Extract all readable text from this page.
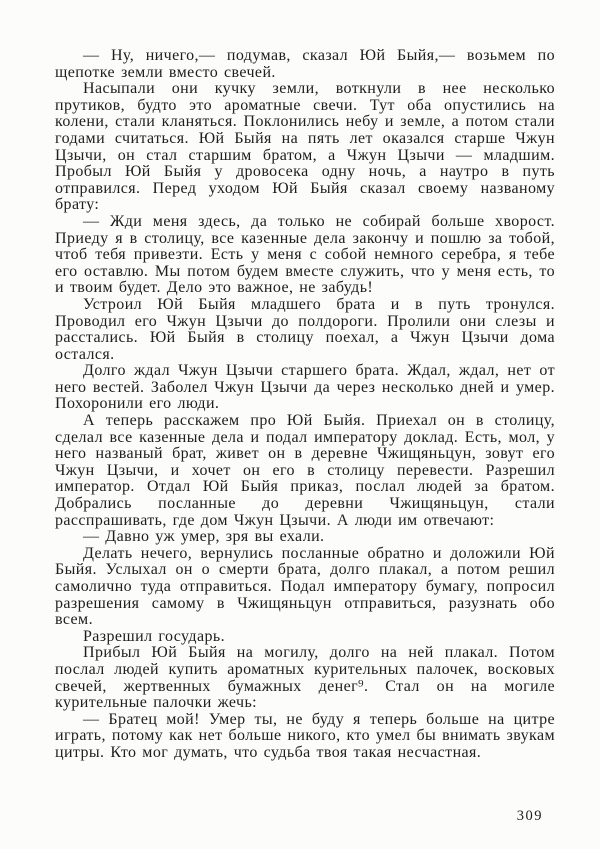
— Ну, ничего,— подумав, сказал Юй Быйя,— возьмем по щепотке земли вместо свечей.

Насыпали они кучку земли, воткнули в нее несколько прутиков, будто это ароматные свечи. Тут оба опустились на колени, стали кланяться. Поклонились небу и земле, а потом стали годами считаться. Юй Быйя на пять лет оказался старше Чжун Цзычи, он стал старшим братом, а Чжун Цзычи — младшим. Пробыл Юй Быйя у дровосека одну ночь, а наутро в путь отправился. Перед уходом Юй Быйя сказал своему названому брату:

— Жди меня здесь, да только не собирай больше хворост. Приеду я в столицу, все казенные дела закончу и пошлю за тобой, чтоб тебя привезти. Есть у меня с собой немного серебра, я тебе его оставлю. Мы потом будем вместе служить, что у меня есть, то и твоим будет. Дело это важное, не забудь!

Устроил Юй Быйя младшего брата и в путь тронулся. Проводил его Чжун Цзычи до полдороги. Пролили они слезы и расстались. Юй Быйя в столицу поехал, а Чжун Цзычи дома остался.

Долго ждал Чжун Цзычи старшего брата. Ждал, ждал, нет от него вестей. Заболел Чжун Цзычи да через несколько дней и умер. Похоронили его люди.

А теперь расскажем про Юй Быйя. Приехал он в столицу, сделал все казенные дела и подал императору доклад. Есть, мол, у него названый брат, живет он в деревне Чжищяньцун, зовут его Чжун Цзычи, и хочет он его в столицу перевести. Разрешил император. Отдал Юй Быйя приказ, послал людей за братом. Добрались посланные до деревни Чжищяньцун, стали расспрашивать, где дом Чжун Цзычи. А люди им отвечают:

— Давно уж умер, зря вы ехали.

Делать нечего, вернулись посланные обратно и доложили Юй Быйя. Услыхал он о смерти брата, долго плакал, а потом решил самолично туда отправиться. Подал императору бумагу, попросил разрешения самому в Чжищяньцун отправиться, разузнать обо всем.

Разрешил государь.

Прибыл Юй Быйя на могилу, долго на ней плакал. Потом послал людей купить ароматных курительных палочек, восковых свечей, жертвенных бумажных денег⁹. Стал он на могиле курительные палочки жечь:

— Братец мой! Умер ты, не буду я теперь больше на цитре играть, потому как нет больше никого, кто умел бы внимать звукам цитры. Кто мог думать, что судьба твоя такая несчастная.

309
